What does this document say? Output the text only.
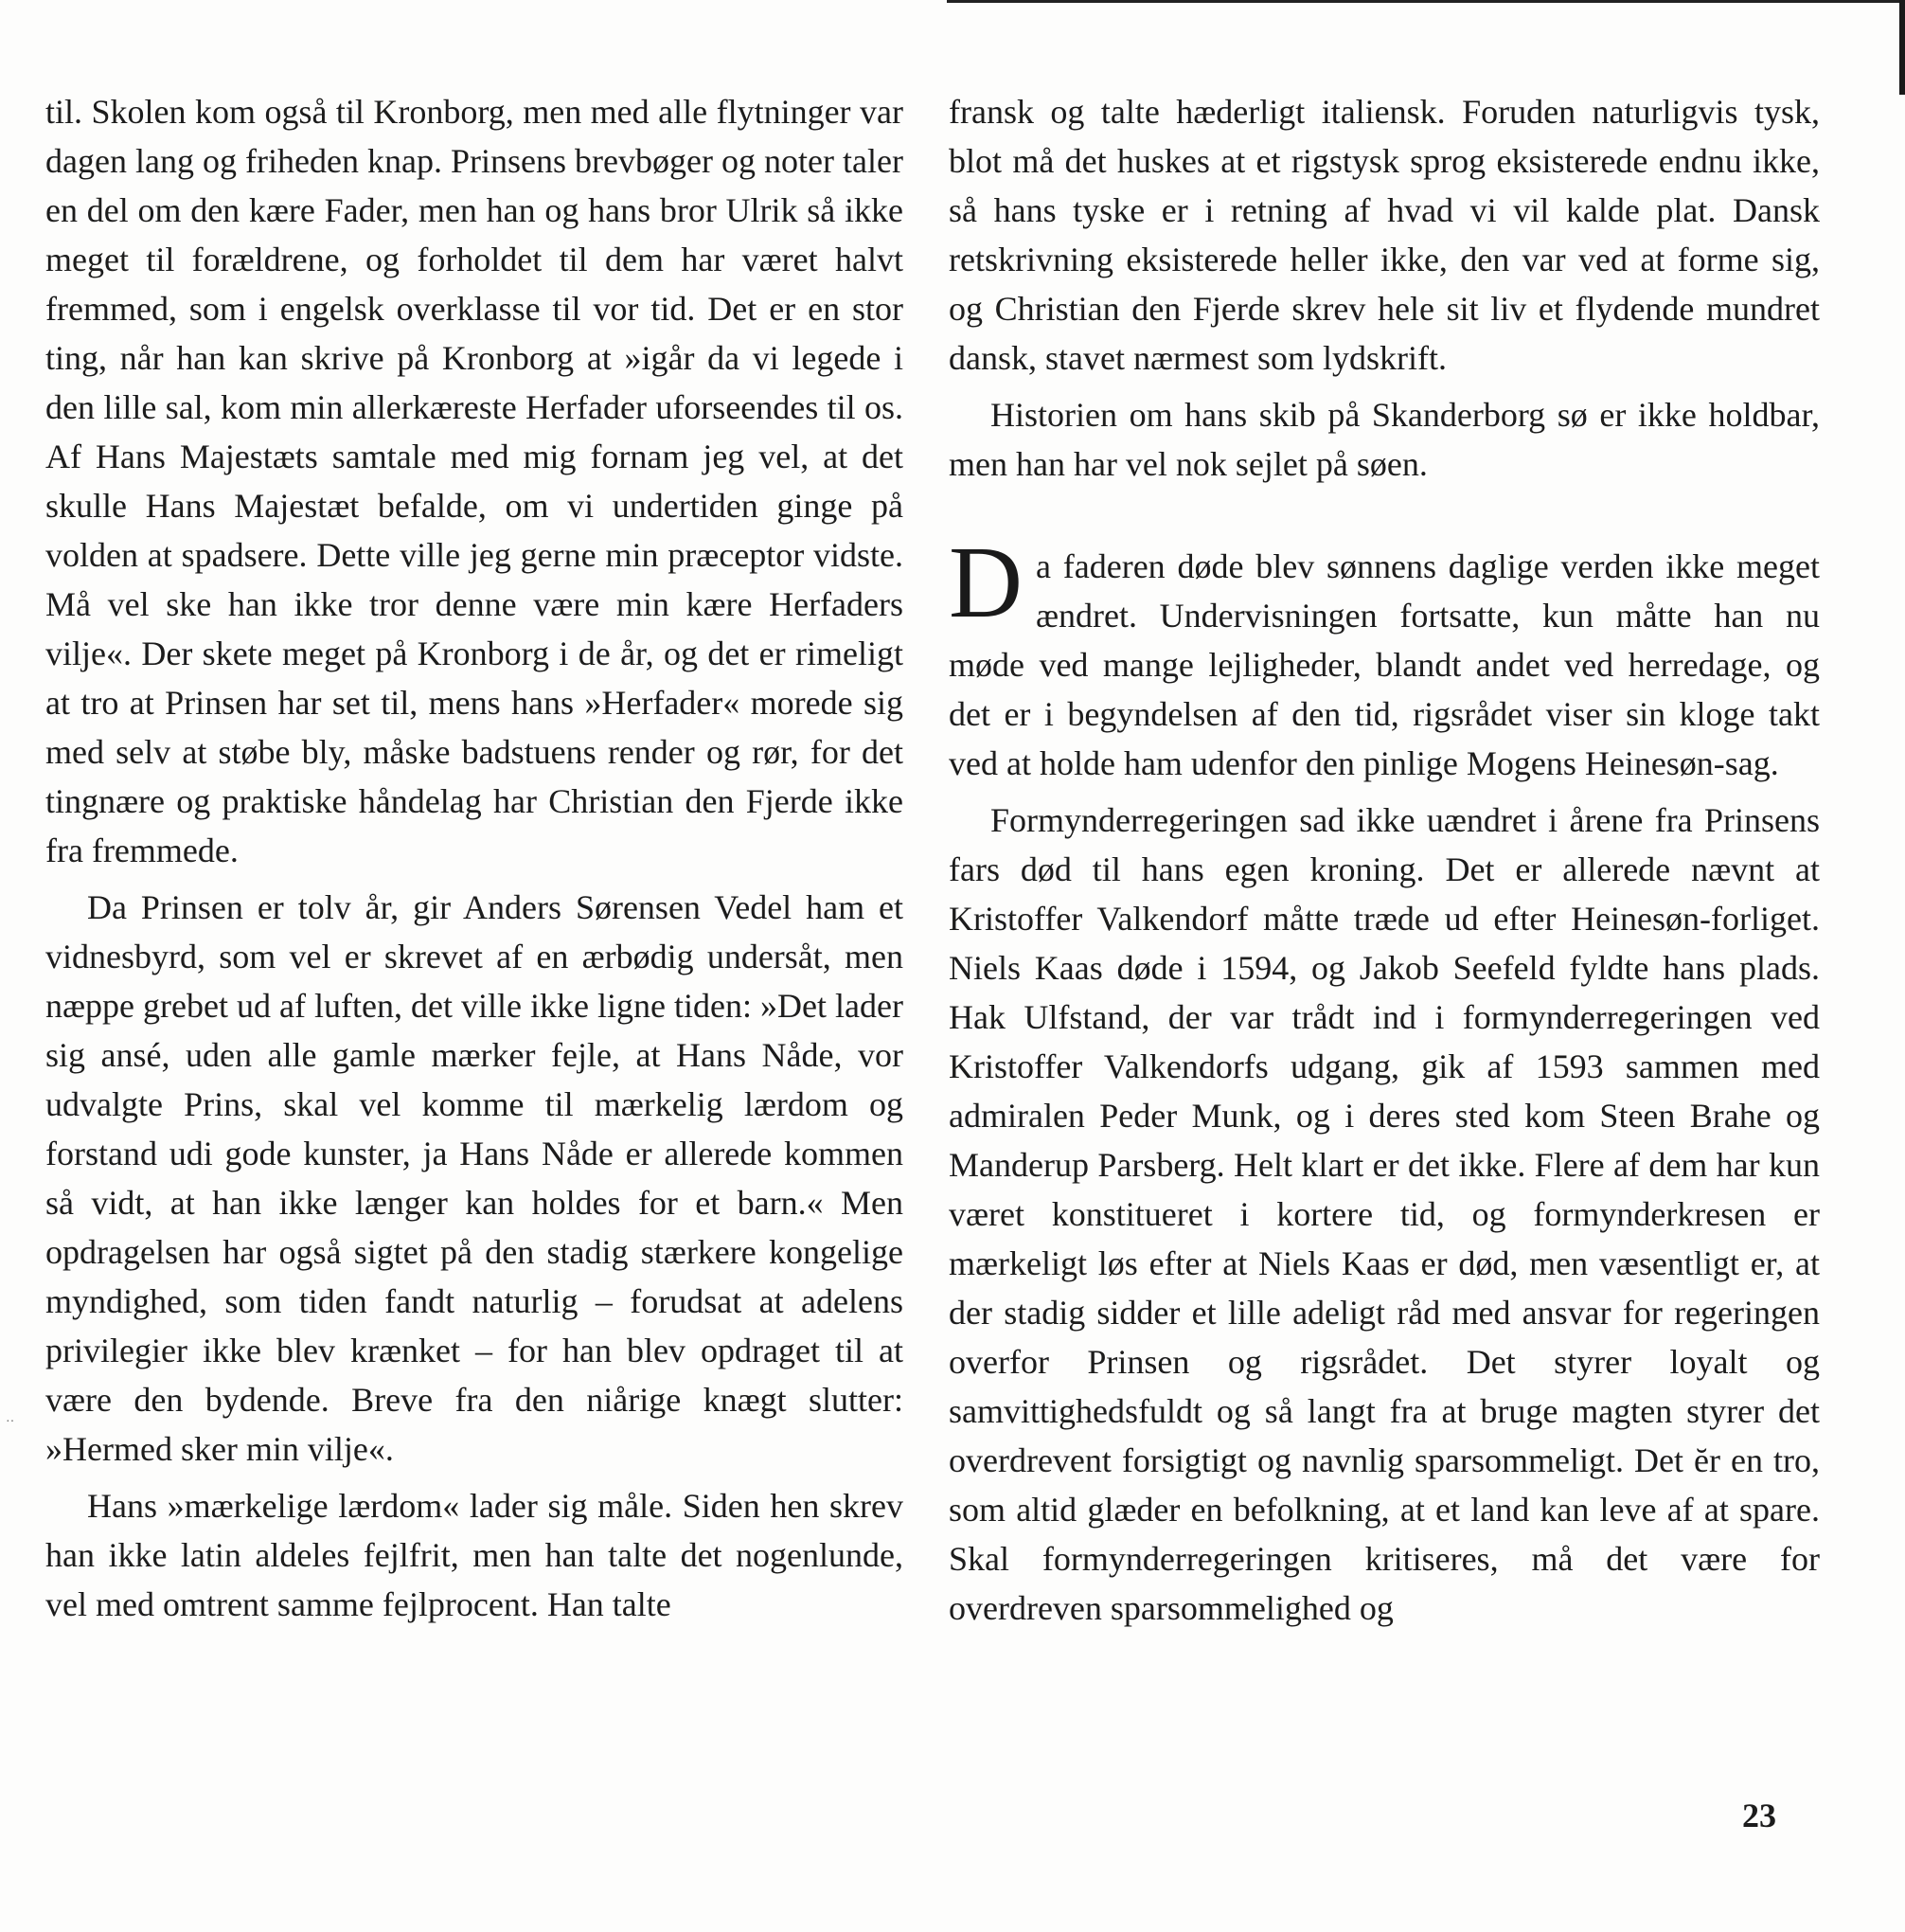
··

til. Skolen kom også til Kronborg, men med alle flytninger var dagen lang og friheden knap. Prinsens brevbøger og noter taler en del om den kære Fader, men han og hans bror Ulrik så ikke meget til forældrene, og forholdet til dem har været halvt fremmed, som i engelsk overklasse til vor tid. Det er en stor ting, når han kan skrive på Kronborg at »igår da vi legede i den lille sal, kom min allerkæreste Herfader uforseendes til os. Af Hans Majestæts samtale med mig fornam jeg vel, at det skulle Hans Majestæt befalde, om vi undertiden ginge på volden at spadsere. Dette ville jeg gerne min præceptor vidste. Må vel ske han ikke tror denne være min kære Herfaders vilje«. Der skete meget på Kronborg i de år, og det er rimeligt at tro at Prinsen har set til, mens hans »Herfader« morede sig med selv at støbe bly, måske badstuens render og rør, for det tingnære og praktiske håndelag har Christian den Fjerde ikke fra fremmede.

Da Prinsen er tolv år, gir Anders Sørensen Vedel ham et vidnesbyrd, som vel er skrevet af en ærbødig undersåt, men næppe grebet ud af luften, det ville ikke ligne tiden: »Det lader sig ansé, uden alle gamle mærker fejle, at Hans Nåde, vor udvalgte Prins, skal vel komme til mærkelig lærdom og forstand udi gode kunster, ja Hans Nåde er allerede kommen så vidt, at han ikke længer kan holdes for et barn.« Men opdragelsen har også sigtet på den stadig stærkere kongelige myndighed, som tiden fandt naturlig – forudsat at adelens privilegier ikke blev krænket – for han blev opdraget til at være den bydende. Breve fra den niårige knægt slutter: »Hermed sker min vilje«.

Hans »mærkelige lærdom« lader sig måle. Siden hen skrev han ikke latin aldeles fejlfrit, men han talte det nogenlunde, vel med omtrent samme fejlprocent. Han talte

fransk og talte hæderligt italiensk. Foruden naturligvis tysk, blot må det huskes at et rigstysk sprog eksisterede endnu ikke, så hans tyske er i retning af hvad vi vil kalde plat. Dansk retskrivning eksisterede heller ikke, den var ved at forme sig, og Christian den Fjerde skrev hele sit liv et flydende mundret dansk, stavet nærmest som lydskrift.

Historien om hans skib på Skanderborg sø er ikke holdbar, men han har vel nok sejlet på søen.

D a faderen døde blev sønnens daglige verden ikke meget ændret. Undervisningen fortsatte, kun måtte han nu møde ved mange lejligheder, blandt andet ved herredage, og det er i begyndelsen af den tid, rigsrådet viser sin kloge takt ved at holde ham udenfor den pinlige Mogens Heinesøn-sag.

Formynderregeringen sad ikke uændret i årene fra Prinsens fars død til hans egen kroning. Det er allerede nævnt at Kristoffer Valkendorf måtte træde ud efter Heinesøn-forliget. Niels Kaas døde i 1594, og Jakob Seefeld fyldte hans plads. Hak Ulfstand, der var trådt ind i formynderregeringen ved Kristoffer Valkendorfs udgang, gik af 1593 sammen med admiralen Peder Munk, og i deres sted kom Steen Brahe og Manderup Parsberg. Helt klart er det ikke. Flere af dem har kun været konstitueret i kortere tid, og formynderkresen er mærkeligt løs efter at Niels Kaas er død, men væsentligt er, at der stadig sidder et lille adeligt råd med ansvar for regeringen overfor Prinsen og rigsrådet. Det styrer loyalt og samvittighedsfuldt og så langt fra at bruge magten styrer det overdrevent forsigtigt og navnlig sparsommeligt. Det ĕr en tro, som altid glæder en befolkning, at et land kan leve af at spare. Skal formynderregeringen kritiseres, må det være for overdreven sparsommelighed og

23
